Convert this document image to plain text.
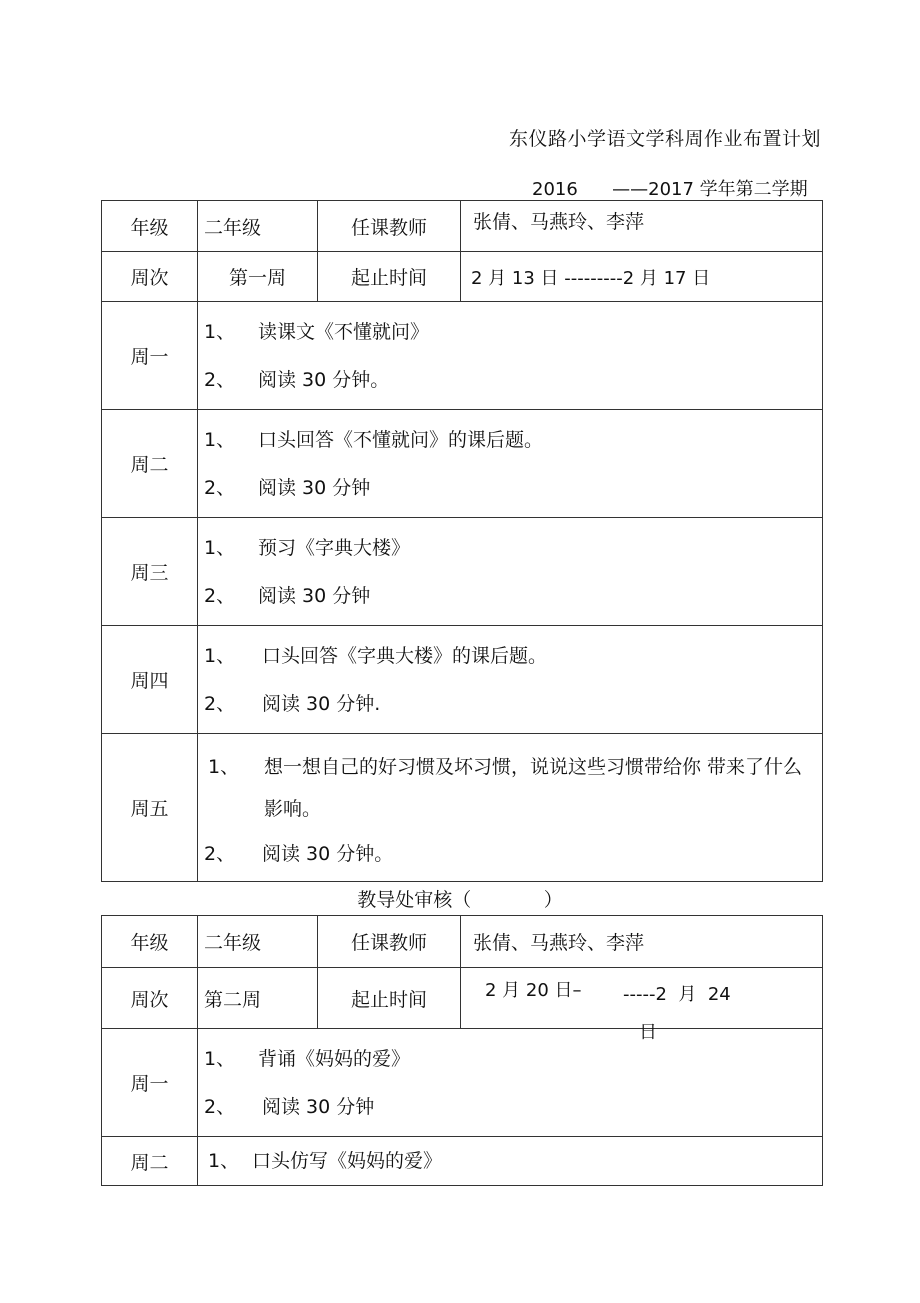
东仪路小学语文学科周作业布置计划
2016      ——2017 学年第二学期
年级	二年级	任课教师	张倩、马燕玲、李萍
周次	第一周	起止时间	2 月 13 日 ---------2 月 17 日
周一	1、 读课文《不懂就问》
2、 阅读 30 分钟。		

周二	1、 口头回答《不懂就问》的课后题。
2、 阅读 30 分钟		

周三	1、 预习《字典大楼》
2、 阅读 30 分钟		

周四	1、 口头回答《字典大楼》的课后题。
2、 阅读 30 分钟.		

周五	1、 想一想自己的好习惯及坏习惯，说说这些习惯带给你 带来了什么影响。
2、 阅读 30 分钟。		
教导处审核（            ）
年级	二年级	任课教师	张倩、马燕玲、李萍
周次	第二周	起止时间	2 月 20 日– -----2  月  24
日

周一	1、 背诵《妈妈的爱》
2、 阅读 30 分钟		

周二	1、 口头仿写《妈妈的爱》		
